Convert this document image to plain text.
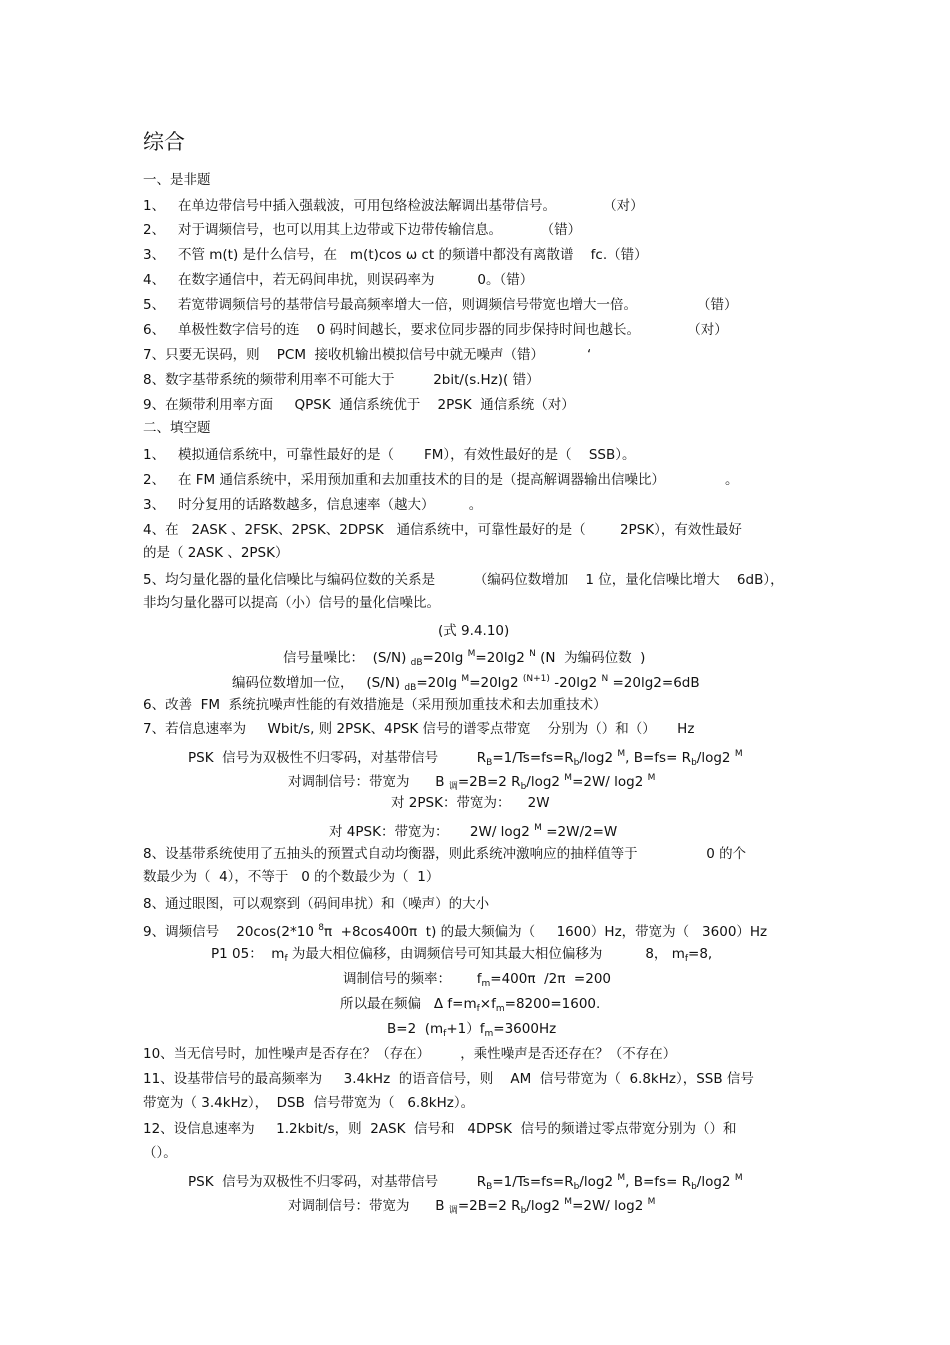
综合
一、是非题
1、   在单边带信号中插入强载波，可用包络检波法解调出基带信号。           （对）
2、   对于调频信号，也可以用其上边带或下边带传输信息。         （错）
3、   不管 m(t) 是什么信号，在   m(t)cos ω ct 的频谱中都没有离散谱    fc.（错）
4、   在数字通信中，若无码间串扰，则误码率为          0。（错）
5、   若宽带调频信号的基带信号最高频率增大一倍，则调频信号带宽也增大一倍。              （错）
6、   单极性数字信号的连    0 码时间越长，要求位同步器的同步保持时间也越长。           （对）
7、只要无误码，则    PCM  接收机输出模拟信号中就无噪声（错）          ‘
8、数字基带系统的频带利用率不可能大于         2bit/(s.Hz)( 错）
9、在频带利用率方面     QPSK  通信系统优于    2PSK  通信系统（对）
二、填空题
1、   模拟通信系统中，可靠性最好的是（       FM），有效性最好的是（    SSB）。
2、   在 FM 通信系统中，采用预加重和去加重技术的目的是（提高解调器输出信噪比）              。
3、   时分复用的话路数越多，信息速率（越大）        。
4、在   2ASK 、2FSK、2PSK、2DPSK   通信系统中，可靠性最好的是（        2PSK），有效性最好
的是（ 2ASK 、2PSK）
5、均匀量化器的量化信噪比与编码位数的关系是         （编码位数增加    1 位，量化信噪比增大    6dB），
非均匀量化器可以提高（小）信号的量化信噪比。
(式 9.4.10)
信号量噪比：  (S/N) $_{dB}$=20lg $^M$=20lg2 $^N$ (N  为编码位数  )
编码位数增加一位，   (S/N) $_{dB}$=20lg $^M$=20lg2 $^{(N+1)}$ -20lg2 $^N$ =20lg2=6dB
6、改善  FM  系统抗噪声性能的有效措施是（采用预加重技术和去加重技术）
7、若信息速率为     Wbit/s, 则 2PSK、4PSK 信号的谱零点带宽    分别为（）和（）     Hz
PSK  信号为双极性不归零码，对基带信号         $R_B=1/Ts=fs=R_b/\log 2$ $^M$, $B=fs= R_b/\log 2$ $^M$
对调制信号：带宽为      B $_调$=2B=2 $R_b/\log 2$ $^M$=2W/ log2 $^M$
对 2PSK：带宽为：    2W
对 4PSK：带宽为：     2W/ log2 $^M$ =2W/2=W
8、设基带系统使用了五抽头的预置式自动均衡器，则此系统冲激响应的抽样值等于                0 的个
数最少为（  4），不等于   0 的个数最少为（  1）
8、通过眼图，可以观察到（码间串扰）和（噪声）的大小
9、调频信号    20cos(2*10 $^8$π  +8cos400π  t) 的最大频偏为（     1600）Hz，带宽为（   3600）Hz
P1 05：  $m_f$ 为最大相位偏移，由调频信号可知其最大相位偏移为          8， $m_f=8$,
调制信号的频率：      $f_m=400\pi$  /2π  =200
所以最在频偏   Δ $f=m_f\times f_m=8200=1600$.
B=2  $(m_f+1)f_m=3600Hz$
10、当无信号时，加性噪声是否存在？（存在）       ，乘性噪声是否还存在？（不存在）
11、设基带信号的最高频率为     3.4kHz  的语音信号，则    AM  信号带宽为（  6.8kHz），SSB 信号
带宽为（ 3.4kHz），  DSB  信号带宽为（   6.8kHz）。
12、设信息速率为     1.2kbit/s，则  2ASK  信号和   4DPSK  信号的频谱过零点带宽分别为（）和
（）。
PSK  信号为双极性不归零码，对基带信号         $R_B=1/Ts=fs=R_b/\log 2$ $^M$, $B=fs= R_b/\log 2$ $^M$
对调制信号：带宽为      B $_调$=2B=2 $R_b/\log 2$ $^M$=2W/ log2 $^M$
